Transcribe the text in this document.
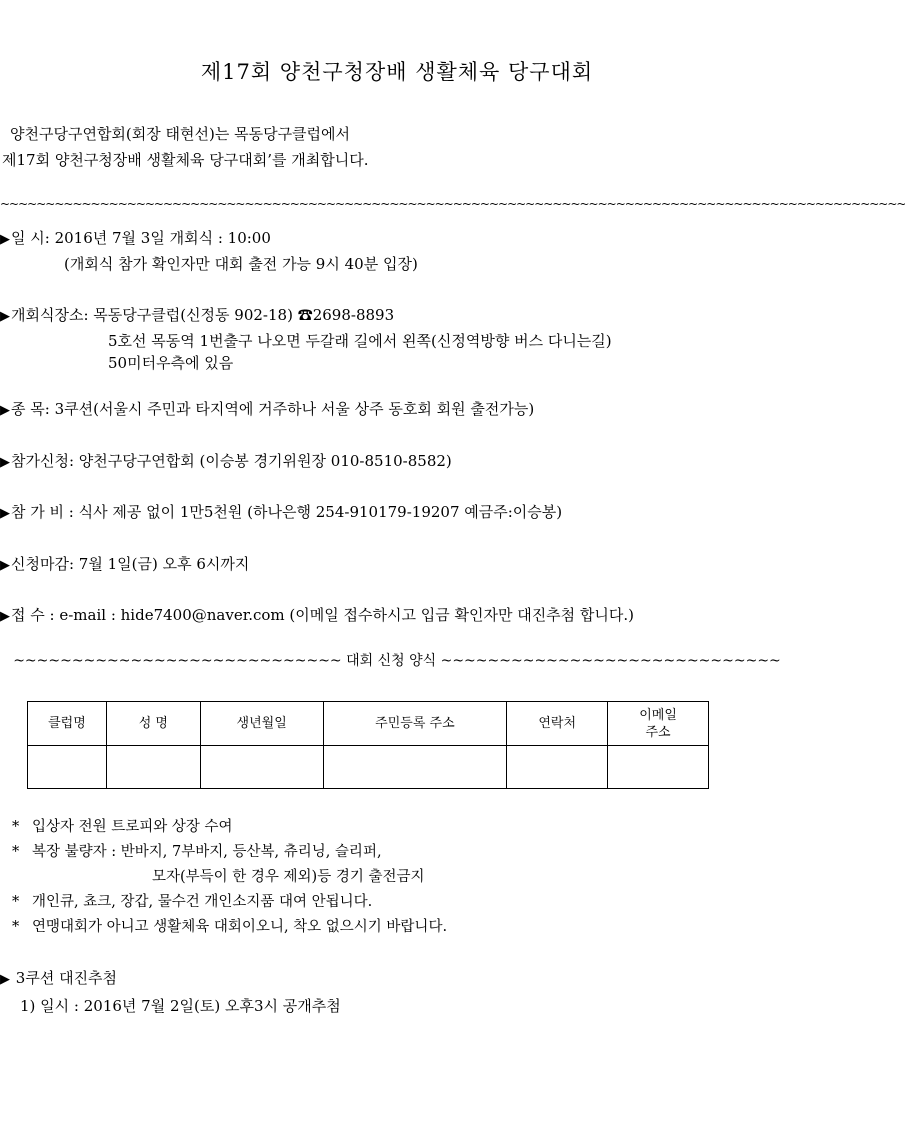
제17회 양천구청장배 생활체육 당구대회
양천구당구연합회(회장 태현선)는 목동당구클럽에서
제17회 양천구청장배 생활체육 당구대회’를 개최합니다.
~~~~~~~~~~~~~~~~~~~~~~~~~~~~~~~~~~~~~~~~~~~~~~~~~~~~~~~~~~~~~~~~~~~~~~~~~~~~~~~~~~~~~~~~~~~~~~~~~~~~
▶일 시: 2016년 7월 3일 개회식 : 10:00
(개회식 참가 확인자만 대회 출전 가능 9시 40분 입장)
▶개회식장소: 목동당구클럽(신정동 902-18) ☎2698-8893
5호선 목동역 1번출구 나오면 두갈래 길에서 왼쪽(신정역방향 버스 다니는길)
50미터우측에 있음
▶종 목: 3쿠션(서울시 주민과 타지역에 거주하나 서울 상주 동호회 회원 출전가능)
▶참가신청: 양천구당구연합회 (이승봉 경기위원장 010-8510-8582)
▶참 가 비 : 식사 제공 없이 1만5천원 (하나은행 254-910179-19207 예금주:이승봉)
▶신청마감: 7월 1일(금) 오후 6시까지
▶접 수 : e-mail : hide7400@naver.com (이메일 접수하시고 입금 확인자만 대진추첨 합니다.)
~~~~~~~~~~~~~~~~~~~~~~~~~~~~ 대회 신청 양식 ~~~~~~~~~~~~~~~~~~~~~~~~~~~~~
클럽명	성 명	생년월일	주민등록 주소	연락처	이메일
주소

* 입상자 전원 트로피와 상장 수여
* 복장 불량자 : 반바지, 7부바지, 등산복, 츄리닝, 슬리퍼,
모자(부득이 한 경우 제외)등 경기 출전금지
* 개인큐, 쵸크, 장갑, 물수건 개인소지품 대여 안됩니다.
* 연맹대회가 아니고 생활체육 대회이오니, 착오 없으시기 바랍니다.
▶ 3쿠션 대진추첨
1) 일시 : 2016년 7월 2일(토) 오후3시 공개추첨
